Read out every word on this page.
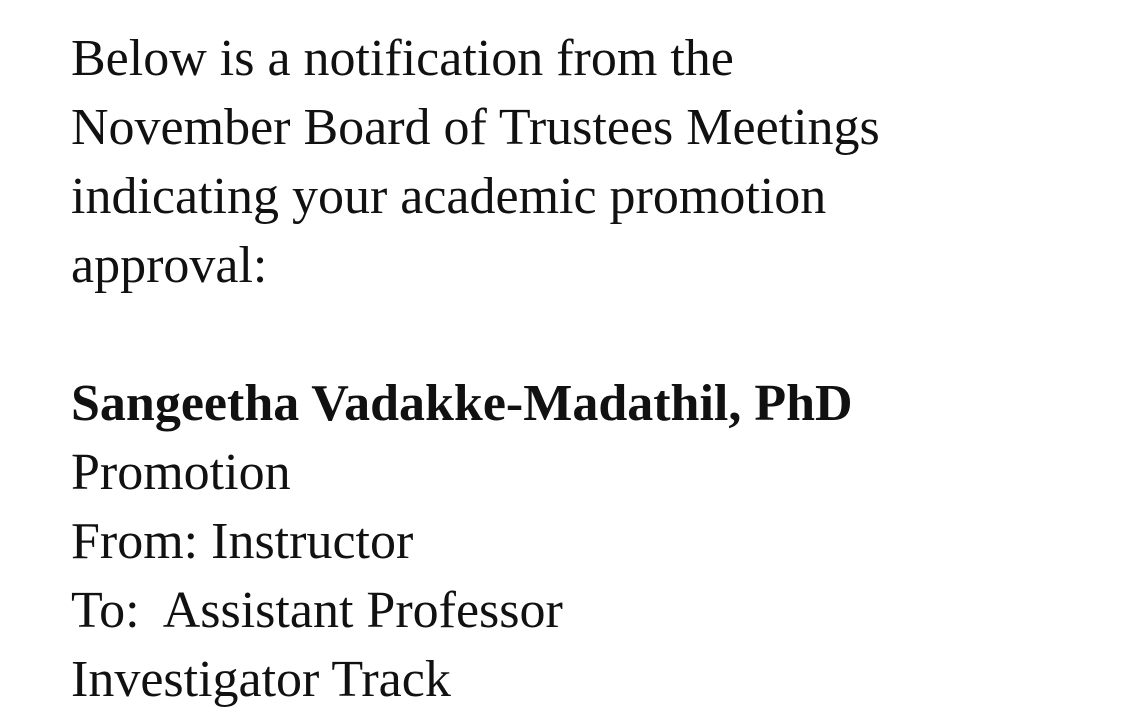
Below is a notification from the

November Board of Trustees Meetings

indicating your academic promotion

approval:

Sangeetha Vadakke-Madathil, PhD

Promotion

From: Instructor

To:  Assistant Professor

Investigator Track
